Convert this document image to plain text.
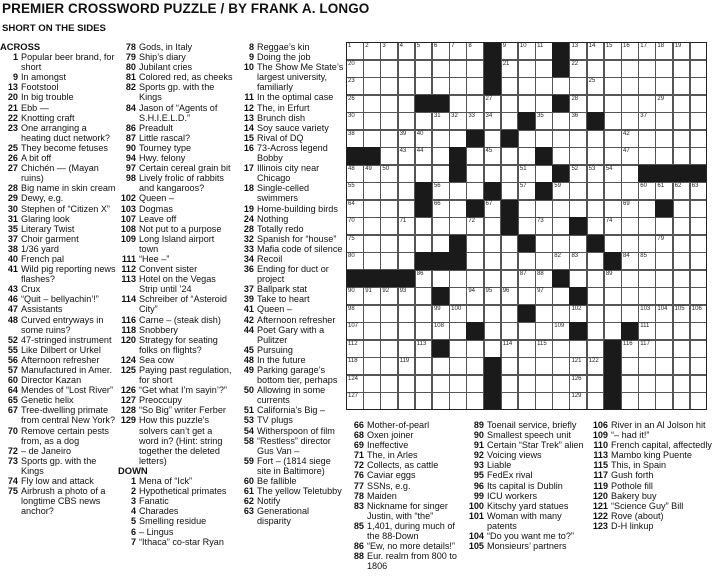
PREMIER CROSSWORD PUZZLE / BY FRANK A. LONGO
SHORT ON THE SIDES
ACROSS
1 Popular beer brand, for short
9 In amongst
13 Footstool
20 In big trouble
21 Ebb —
22 Knotting craft
23 One arranging a heating duct network?
25 They become fetuses
26 A bit off
27 Chichén — (Mayan ruins)
28 Big name in skin cream
29 Dewy, e.g.
30 Stephen of “Citizen X”
31 Glaring look
35 Literary Twist
37 Choir garment
38 1/36 yard
40 French pal
41 Wild pig reporting news flashes?
43 Crux
46 “Quit – bellyachin’!”
47 Assistants
48 Curved entryways in some ruins?
52 47-stringed instrument
55 Like Dilbert or Urkel
56 Afternoon refresher
57 Manufactured in Amer.
60 Director Kazan
64 Mendes of “Lost River”
65 Genetic helix
67 Tree-dwelling primate from central New York?
70 Remove certain pests from, as a dog
72 – de Janeiro
73 Sports gp. with the Kings
74 Fly low and attack
75 Airbrush a photo of a longtime CBS news anchor?
78 Gods, in Italy
79 Ship’s diary
80 Jubilant cries
81 Colored red, as cheeks
82 Sports gp. with the Kings
84 Jason of “Agents of S.H.I.E.L.D.”
86 Preadult
87 Little rascal?
90 Tourney type
94 Hwy. felony
97 Certain cereal grain bit
98 Lively frolic of rabbits and kangaroos?
102 Queen –
103 Dogmas
107 Leave off
108 Not put to a purpose
109 Long Island airport town
111 “Hee –”
112 Convent sister
113 Hotel on the Vegas Strip until ’24
114 Schreiber of “Asteroid City”
116 Carne – (steak dish)
118 Snobbery
120 Strategy for seating folks on flights?
124 Sea cow
125 Paying past regulation, for short
126 “Get what I’m sayin’?”
127 Preoccupy
128 “So Big” writer Ferber
129 How this puzzle’s solvers can’t get a word in? (Hint: string together the deleted letters)
DOWN
1 Mena of “Ick”
2 Hypothetical primates
3 Fanatic
4 Charades
5 Smelling residue
6 – Lingus
7 “Ithaca” co-star Ryan
8 Reggae’s kin
9 Doing the job
10 The Show Me State’s largest university, familiarly
11 In the optimal case
12 The, in Erfurt
13 Brunch dish
14 Soy sauce variety
15 Rival of DQ
16 73-Across legend Bobby
17 Illinois city near Chicago
18 Single-celled swimmers
19 Home-building birds
24 Nothing
28 Totally redo
32 Spanish for “house”
33 Mafia code of silence
34 Recoil
36 Ending for duct or project
37 Ballpark stat
39 Take to heart
41 Queen –
42 Afternoon refresher
44 Poet Gary with a Pulitzer
45 Pursuing
48 In the future
49 Parking garage’s bottom tier, perhaps
50 Allowing in some currents
51 California’s Big –
53 TV plugs
54 Witherspoon of film
58 “Restless” director Gus Van –
59 Fort – (1814 siege site in Baltimore)
60 Be fallible
61 The yellow Teletubby
62 Notify
63 Generational disparity
66 Mother-of-pearl
68 Oxen joiner
69 Ineffective
71 The, in Arles
72 Collects, as cattle
76 Caviar eggs
77 SSNs, e.g.
78 Maiden
83 Nickname for singer Justin, with “the”
85 1,401, during much of the 88-Down
86 “Ew, no more details!”
88 Eur. realm from 800 to 1806
89 Toenail service, briefly
90 Smallest speech unit
91 Certain “Star Trek” alien
92 Voicing views
93 Liable
95 FedEx rival
96 Its capital is Dublin
99 ICU workers
100 Kitschy yard statues
101 Woman with many patents
104 “Do you want me to?”
105 Monsieurs’ partners
106 River in an Al Jolson hit
109 “– had it!”
110 French capital, affectedly
113 Mambo king Puente
115 This, in Spain
117 Gush forth
119 Pothole fill
120 Bakery buy
121 “Science Guy” Bill
122 Rove (about)
123 D-H linkup
1 2 3 4 5 6 7 8	9 10 11	13 14 15 16 17 18 19
20	21	22
23	25
26	27	28	29
30	31 32 33 34	35	36	37
38	39 40	42
43 44	45	47
48 49 50	51	52 53 54
55	56	57	59	60 61 62 63
64	66	67	69
70	71	72	73	74
75	79
80	82 83	84 85
86	87 88	89
90 91 92 93	94 95 96	97
98	99 100	102	103 104 105 106
107	108	109	111
112	113	114	115	116 117
118	119	121 122
124	126
127	129
